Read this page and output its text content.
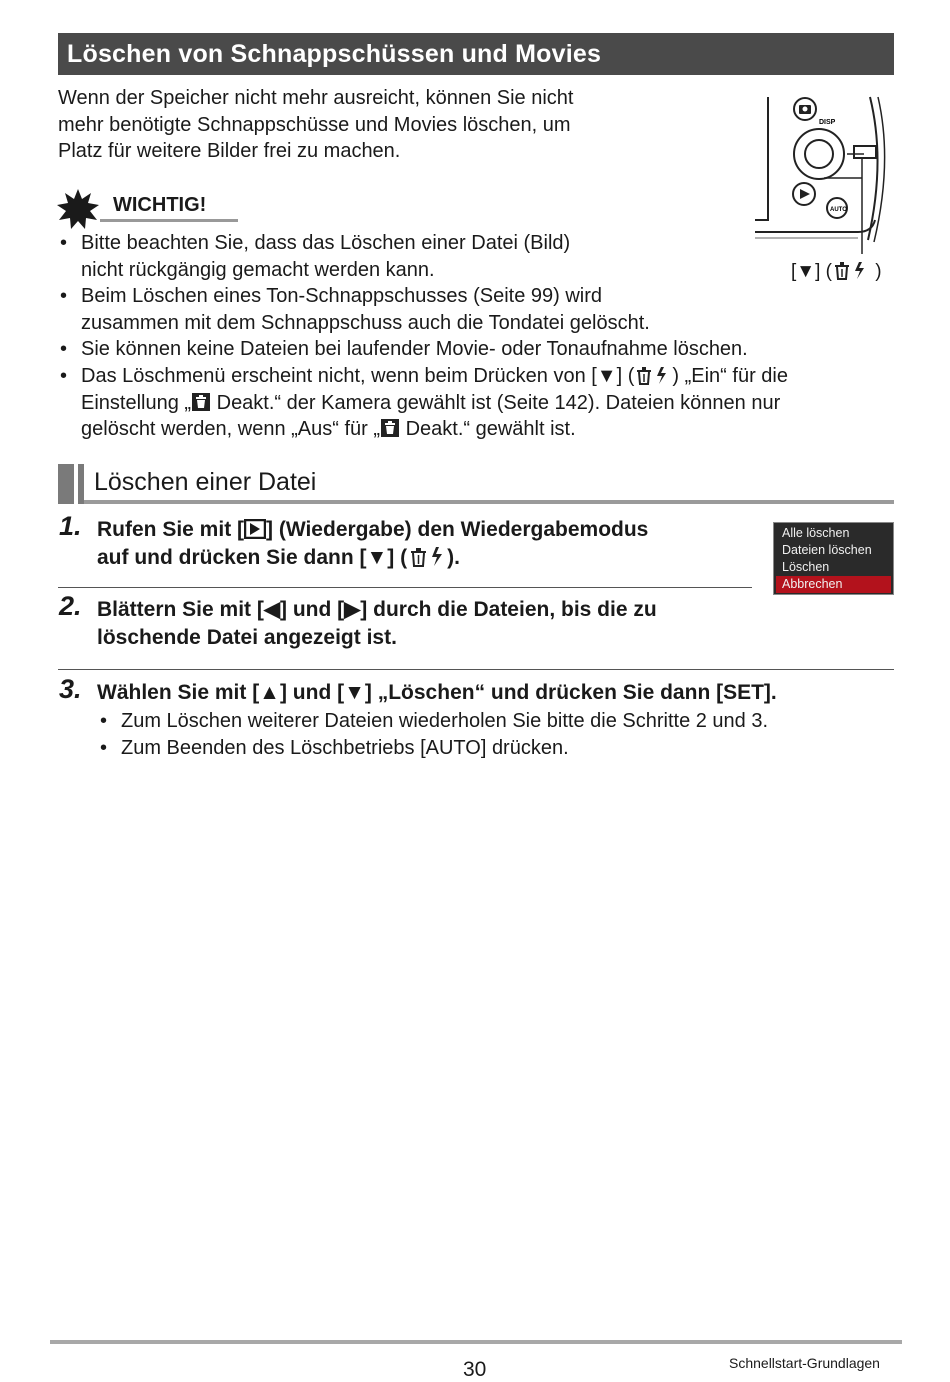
Löschen von Schnappschüssen und Movies
Wenn der Speicher nicht mehr ausreicht, können Sie nicht
mehr benötigte Schnappschüsse und Movies löschen, um
Platz für weitere Bilder frei zu machen.
DISP
AUTO
[▼] ( )
WICHTIG!
• Bitte beachten Sie, dass das Löschen einer Datei (Bild)
nicht rückgängig gemacht werden kann.
• Beim Löschen eines Ton-Schnappschusses (Seite 99) wird
zusammen mit dem Schnappschuss auch die Tondatei gelöscht.
• Sie können keine Dateien bei laufender Movie- oder Tonaufnahme löschen.
• Das Löschmenü erscheint nicht, wenn beim Drücken von [▼] ( ) „Ein“ für die
Einstellung „ Deakt.“ der Kamera gewählt ist (Seite 142). Dateien können nur
gelöscht werden, wenn „Aus“ für „ Deakt.“ gewählt ist.
Löschen einer Datei
1. Rufen Sie mit [ ] (Wiedergabe) den Wiedergabemodus
auf und drücken Sie dann [▼] ( ).
Alle löschen
Dateien löschen
Löschen
Abbrechen
2. Blättern Sie mit [◀] und [▶] durch die Dateien, bis die zu
löschende Datei angezeigt ist.
3. Wählen Sie mit [▲] und [▼] „Löschen“ und drücken Sie dann [SET].
• Zum Löschen weiterer Dateien wiederholen Sie bitte die Schritte 2 und 3.
• Zum Beenden des Löschbetriebs [AUTO] drücken.
30	Schnellstart-Grundlagen
